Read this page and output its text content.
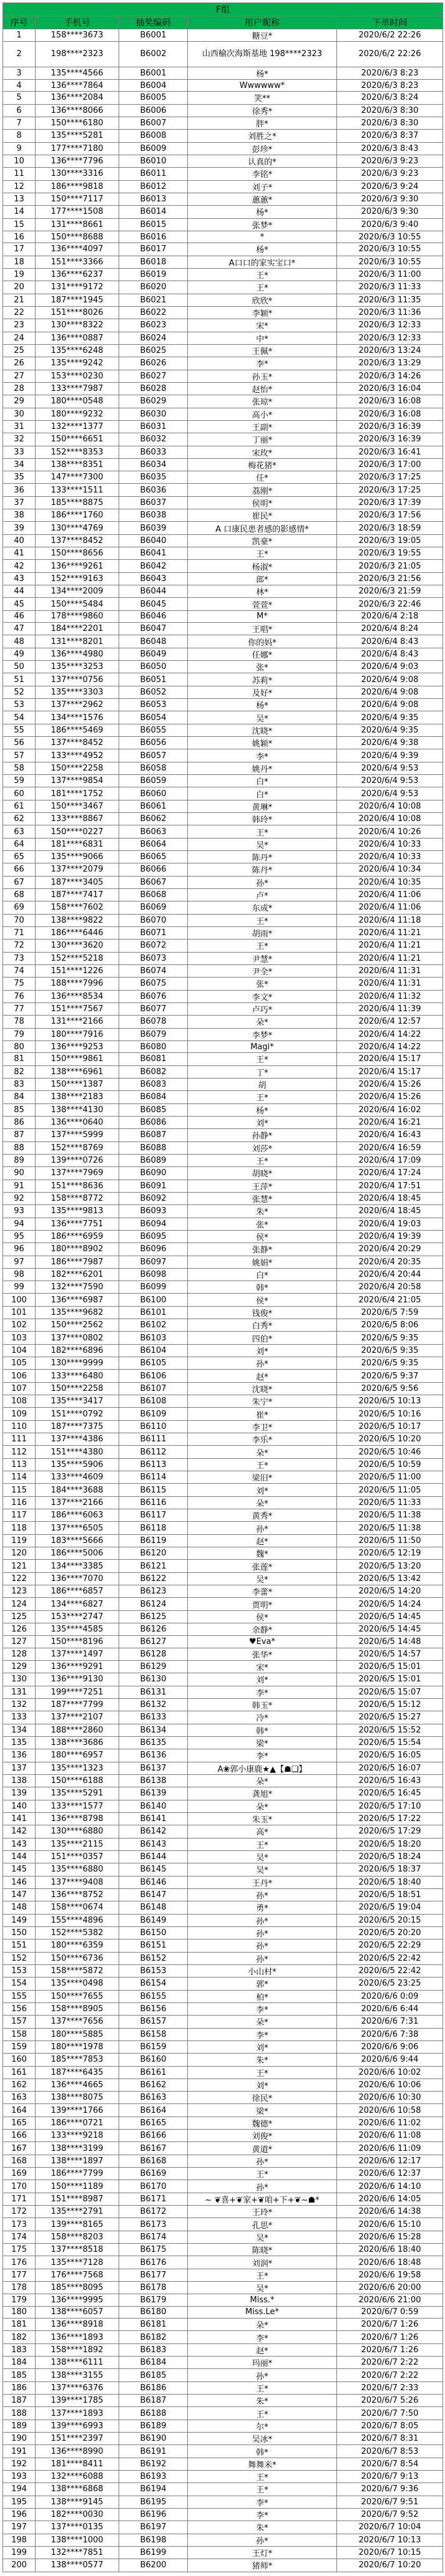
F组				
序号	手机号	抽奖编码	用户昵称	下单时间
1	158****3673	B6001	糖豆*	2020/6/2 22:26
2	198****2323	B6002	山西榆次海斯基地 198****2323	2020/6/2 22:26
3	135****4566	B6001	杨*	2020/6/3 8:23
4	136****7864	B6004	Wwwwww*	2020/6/3 8:23
5	136****2084	B6005	笑**	2020/6/3 8:24
6	136****8066	B6006	徐秀*	2020/6/3 8:30
7	150****6180	B6007	胖*	2020/6/3 8:30
8	135****5281	B6008	刘胜之*	2020/6/3 8:37
9	177****7180	B6009	彭珍*	2020/6/3 8:43
10	136****7796	B6010	认真的*	2020/6/3 9:23
11	130****3316	B6011	李铭*	2020/6/3 9:23
12	186****9818	B6012	刘子*	2020/6/3 9:24
13	150****7117	B6013	蕙蕙*	2020/6/3 9:30
14	177****1508	B6014	杨*	2020/6/3 9:30
15	131****8661	B6015	张梦*	2020/6/3 9:40
16	150****8688	B6016	*	2020/6/3 10:55
17	136****4097	B6017	杨*	2020/6/3 10:55
18	151****3366	B6018	A口口的家实宝口*	2020/6/3 10:55
19	136****6237	B6019	王*	2020/6/3 11:00
20	131****9172	B6020	王*	2020/6/3 11:33
21	187****1945	B6021	欣欣*	2020/6/3 11:35
22	151****8026	B6022	李颖*	2020/6/3 11:36
23	130****8322	B6023	宋*	2020/6/3 12:33
24	136****0887	B6024	中*	2020/6/3 12:33
25	135****6248	B6025	王佩*	2020/6/3 13:24
26	135****9242	B6026	李*	2020/6/3 13:29
27	153****0230	B6027	孙玉*	2020/6/3 14:26
28	133****7987	B6028	赵怡*	2020/6/3 16:04
29	180****0548	B6029	张琼*	2020/6/3 16:08
30	180****9232	B6030	高小*	2020/6/3 16:08
31	132****1377	B6031	王副*	2020/6/3 16:39
32	150****6651	B6032	丁丽*	2020/6/3 16:39
33	152****8353	B6033	宋玫*	2020/6/3 16:41
34	138****8351	B6034	梅花猪*	2020/6/3 17:00
35	147****7300	B6035	任*	2020/6/3 17:25
36	133****1511	B6036	荔刚*	2020/6/3 17:25
37	185****8875	B6037	侯明*	2020/6/3 17:39
38	186****1760	B6038	崔民*	2020/6/3 17:56
39	130****4769	B6039	A 口康民患者感的影感情*	2020/6/3 18:59
40	137****8452	B6040	凯豪*	2020/6/3 19:05
41	150****8656	B6041	王*	2020/6/3 19:55
42	136****9261	B6042	杨淑*	2020/6/3 21:05
43	152****9163	B6043	郎*	2020/6/3 21:56
44	134****2009	B6044	林*	2020/6/3 21:59
45	150****5484	B6045	萱萱*	2020/6/3 22:46
46	178****9860	B6046	M*	2020/6/4 2:18
47	184****2201	B6047	王唱*	2020/6/4 8:24
48	131****8201	B6048	你的妈*	2020/6/4 8:43
49	136****4980	B6049	任娜*	2020/6/4 8:43
50	135****3253	B6050	张*	2020/6/4 9:03
51	137****0756	B6051	苏莉*	2020/6/4 9:08
52	135****3303	B6052	及好*	2020/6/4 9:08
53	137****2962	B6053	杨*	2020/6/4 9:08
54	134****1576	B6054	吴*	2020/6/4 9:35
55	186****5469	B6055	沈晓*	2020/6/4 9:35
56	137****8452	B6056	姚颖*	2020/6/4 9:38
57	133****4952	B6057	李*	2020/6/4 9:39
58	150****2258	B6058	姚丹*	2020/6/4 9:53
59	137****9854	B6059	白*	2020/6/4 9:53
60	181****1752	B6060	白*	2020/6/4 9:53
61	150****3467	B6061	黄琳*	2020/6/4 10:08
62	133****8867	B6062	韩玲*	2020/6/4 10:08
63	150****0227	B6063	王*	2020/6/4 10:26
64	181****6831	B6064	吴*	2020/6/4 10:33
65	135****9066	B6065	陈丹*	2020/6/4 10:33
66	137****2079	B6066	陈丹*	2020/6/4 10:34
67	187****3405	B6067	孙*	2020/6/4 10:35
68	187****7417	B6068	卢*	2020/6/4 11:06
69	158****7602	B6069	东成*	2020/6/4 11:06
70	138****9822	B6070	王*	2020/6/4 11:18
71	186****6446	B6071	胡雨*	2020/6/4 11:21
72	130****3620	B6072	王*	2020/6/4 11:21
73	152****5218	B6073	尹慧*	2020/6/4 11:21
74	151****1226	B6074	尹全*	2020/6/4 11:31
75	188****7996	B6075	张*	2020/6/4 11:31
76	136****8534	B6076	李文*	2020/6/4 11:32
77	151****7567	B6077	卢巧*	2020/6/4 11:39
78	131****2166	B6078	朵*	2020/6/4 12:57
79	180****7916	B6079	李梦*	2020/6/4 14:22
80	136****9253	B6080	Magi*	2020/6/4 14:22
81	150****9861	B6081	王*	2020/6/4 15:17
82	138****6961	B6082	丁*	2020/6/4 15:17
83	150****1387	B6083	胡	2020/6/4 15:26
84	138****2183	B6084	王*	2020/6/4 15:26
85	138****4130	B6085	杨*	2020/6/4 16:02
86	136****0640	B6086	刘*	2020/6/4 16:21
87	137****5999	B6087	孙静*	2020/6/4 16:43
88	152****8769	B6088	刘莎*	2020/6/4 16:59
89	139****0726	B6089	王*	2020/6/4 17:09
90	137****7969	B6090	胡晓*	2020/6/4 17:24
91	151****8636	B6091	王萍*	2020/6/4 17:51
92	158****8772	B6092	张慧*	2020/6/4 18:45
93	135****9813	B6093	朱*	2020/6/4 18:45
94	136****7751	B6094	张*	2020/6/4 19:03
95	186****6959	B6095	侯*	2020/6/4 19:39
96	180****8902	B6096	张静*	2020/6/4 20:29
97	186****7987	B6097	姚娟*	2020/6/4 20:35
98	182****6201	B6098	白*	2020/6/4 20:44
99	132****7590	B6099	韩*	2020/6/4 20:58
100	136****6987	B6100	侯*	2020/6/4 21:05
101	135****9682	B6101	钱俊*	2020/6/5 7:59
102	150****2562	B6102	白秀*	2020/6/5 8:06
103	137****0802	B6103	四伯*	2020/6/5 9:35
104	182****6896	B6104	刘*	2020/6/5 9:35
105	130****9999	B6105	孙*	2020/6/5 9:35
106	133****6480	B6106	赵*	2020/6/5 9:37
107	150****2258	B6107	沈晓*	2020/6/5 9:56
108	135****3417	B6108	朱宁*	2020/6/5 10:13
109	151****0792	B6109	崔*	2020/6/5 10:16
110	187****7375	B6110	李卫*	2020/6/5 10:17
111	137****4386	B6111	李乐*	2020/6/5 10:20
112	151****4380	B6112	朵*	2020/6/5 10:46
113	135****5906	B6113	王*	2020/6/5 10:59
114	133****4609	B6114	梁旧*	2020/6/5 11:00
115	184****3688	B6115	刘*	2020/6/5 11:05
116	137****2166	B6116	朵*	2020/6/5 11:33
117	186****6063	B6117	黄秀*	2020/6/5 11:38
118	137****6505	B6118	孙*	2020/6/5 11:38
119	183****5666	B6119	赵*	2020/6/5 11:50
120	186****5006	B6120	魏*	2020/6/5 12:19
121	134****3385	B6121	张莲*	2020/6/5 13:20
122	136****7070	B6122	吴*	2020/6/5 13:42
123	186****6857	B6123	李蕾*	2020/6/5 14:20
124	134****6827	B6124	贾明*	2020/6/5 14:24
125	153****2747	B6125	侯*	2020/6/5 14:45
126	135****4585	B6126	余静*	2020/6/5 14:45
127	150****8196	B6127	♥Eva*	2020/6/5 14:48
128	137****1497	B6128	张华*	2020/6/5 14:57
129	136****9291	B6129	宋*	2020/6/5 15:01
130	136****9130	B6130	刘*	2020/6/5 15:01
131	199****7251	B6131	李*	2020/6/5 15:07
132	187****7799	B6132	韩玉*	2020/6/5 15:12
133	137****2107	B6133	冷*	2020/6/5 15:27
134	188****2860	B6134	韩*	2020/6/5 15:52
135	138****3686	B6135	梁*	2020/6/5 15:54
136	180****6957	B6136	李*	2020/6/5 16:05
137	135****1323	B6137	A❀郭小康鹿★▲【☗❑】	2020/6/5 16:07
138	150****6188	B6138	朵*	2020/6/5 16:43
139	135****5291	B6139	龚旭*	2020/6/5 16:45
140	133****1577	B6140	朵*	2020/6/5 17:10
141	136****8798	B6141	朱玉*	2020/6/5 17:22
142	130****6880	B6142	高*	2020/6/5 17:29
143	135****2115	B6143	王*	2020/6/5 18:20
144	151****0357	B6144	吴*	2020/6/5 18:24
145	135****6880	B6145	吴*	2020/6/5 18:37
146	137****9408	B6146	王丹*	2020/6/5 18:40
147	136****8752	B6147	孙*	2020/6/5 18:51
148	158****0674	B6148	勇*	2020/6/5 19:04
149	155****4896	B6149	孙*	2020/6/5 20:15
150	152****5382	B6150	孙*	2020/6/5 20:20
151	180****6359	B6151	孙*	2020/6/5 22:29
152	150****6736	B6152	孙*	2020/6/5 22:42
153	158****5872	B6153	小山村*	2020/6/5 22:42
154	135****0498	B6154	郭*	2020/6/5 23:25
155	150****7655	B6155	柏*	2020/6/6 0:09
156	158****8905	B6156	李*	2020/6/6 6:44
157	137****7656	B6157	朵*	2020/6/6 7:31
158	180****5885	B6158	李*	2020/6/6 7:38
159	180****1978	B6159	刘*	2020/6/6 9:06
160	185****7853	B6160	朱*	2020/6/6 9:44
161	187****6435	B6161	王*	2020/6/6 10:02
162	136****4665	B6162	刘*	2020/6/6 10:06
163	138****8075	B6163	徐民*	2020/6/6 10:30
164	139****1766	B6164	梁*	2020/6/6 10:58
165	186****0721	B6165	魏德*	2020/6/6 11:02
166	133****9218	B6166	刘俊*	2020/6/6 11:08
167	138****3199	B6167	黄道*	2020/6/6 11:09
168	138****1897	B6168	孙*	2020/6/6 12:17
169	186****7799	B6169	王*	2020/6/6 12:37
170	150****1189	B6170	孙*	2020/6/6 14:10
171	151****8987	B6171	~ ❦喜+❦家+❦咱+下+❦~☗*	2020/6/6 14:05
172	135****2791	B6172	王玲*	2020/6/6 14:38
173	139****8165	B6173	孔思*	2020/6/6 15:10
174	158****8203	B6174	吴*	2020/6/6 15:28
175	137****8518	B6175	陈晓*	2020/6/6 18:40
176	135****7128	B6176	刘润*	2020/6/6 18:48
177	176****7568	B6177	王*	2020/6/6 19:58
178	185****8095	B6178	吴*	2020/6/6 20:00
179	136****9995	B6179	Miss.*	2020/6/6 21:00
180	138****6057	B6180	Miss.Le*	2020/6/7 0:59
181	136****8918	B6181	朵*	2020/6/7 1:26
182	136****1893	B6182	李*	2020/6/7 1:26
183	158****1892	B6183	赵*	2020/6/7 1:26
184	138****6111	B6184	玛丽*	2020/6/7 2:22
185	138****3155	B6185	孙*	2020/6/7 2:22
186	137****6376	B6186	王*	2020/6/7 2:33
187	139****1785	B6187	朱*	2020/6/7 5:26
188	137****1893	B6188	王*	2020/6/7 7:50
189	139****6993	B6189	尔*	2020/6/7 8:05
190	151****2397	B6190	吴冰*	2020/6/7 8:31
191	136****8990	B6191	韩*	2020/6/7 8:53
192	181****8411	B6192	舞舞米*	2020/6/7 8:54
193	132****6088	B6193	王*	2020/6/7 9:13
194	138****6868	B6194	王*	2020/6/7 9:36
195	138****9145	B6195	李*	2020/6/7 9:51
196	182****0030	B6196	李*	2020/6/7 9:52
197	137****0135	B6197	朱*	2020/6/7 10:04
198	138****1000	B6198	孙*	2020/6/7 10:13
199	132****7851	B6199	王灯*	2020/6/7 10:15
200	138****0577	B6200	猪师*	2020/6/7 10:20
